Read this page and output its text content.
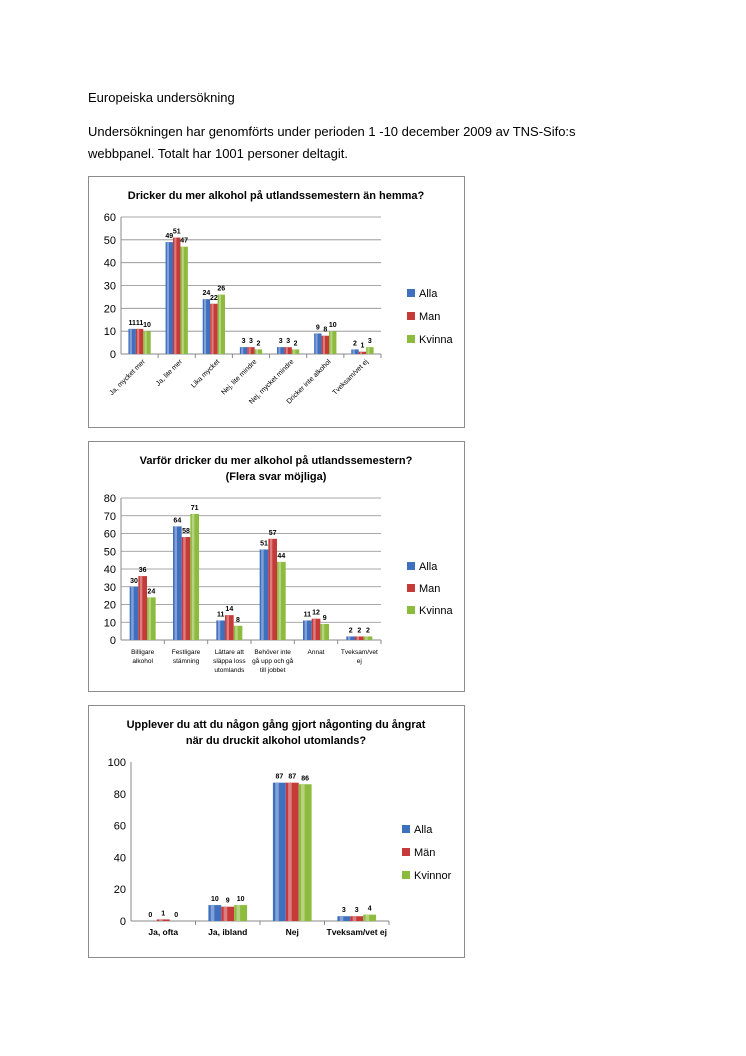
Europeiska undersökning
Undersökningen har genomförts under perioden 1 -10 december 2009 av TNS-Sifo:s
webbpanel. Totalt har 1001 personer deltagit.
Dricker du mer alkohol på utlandssemestern än hemma?
0
10
20
30
40
50
60
11 11 10
Ja, mycket mer
49
51
47
Ja, lite mer
24
22
26
Lika mycket
3 3 2
Nej, lite mindre
3 3 2
Nej, mycket mindre
9 8
10
Dricker inte alkohol
2 1
3
Tveksam/vet ej
Alla
Man
Kvinna
Varför dricker du mer alkohol på utlandssemestern?
(Flera svar möjliga)
0
10
20
30
40
50
60
70
80
30
36
24
Billigare
alkohol
64
58
71
Festligare
stämning
11
14
8
Lättare att
släppa loss
utomlands
51
57
44
Behöver inte
gå upp och gå
till jobbet
11 12
9
Annat
2 2 2
Tveksam/vet
ej
Alla
Man
Kvinna
Upplever du att du någon gång gjort någonting du ångrat
när du druckit alkohol utomlands?
0
20
40
60
80
100
0 1 0
Ja, ofta
10 9 10
Ja, ibland
87 87 86
Nej
3 3 4
Tveksam/vet ej
Alla
Män
Kvinnor
